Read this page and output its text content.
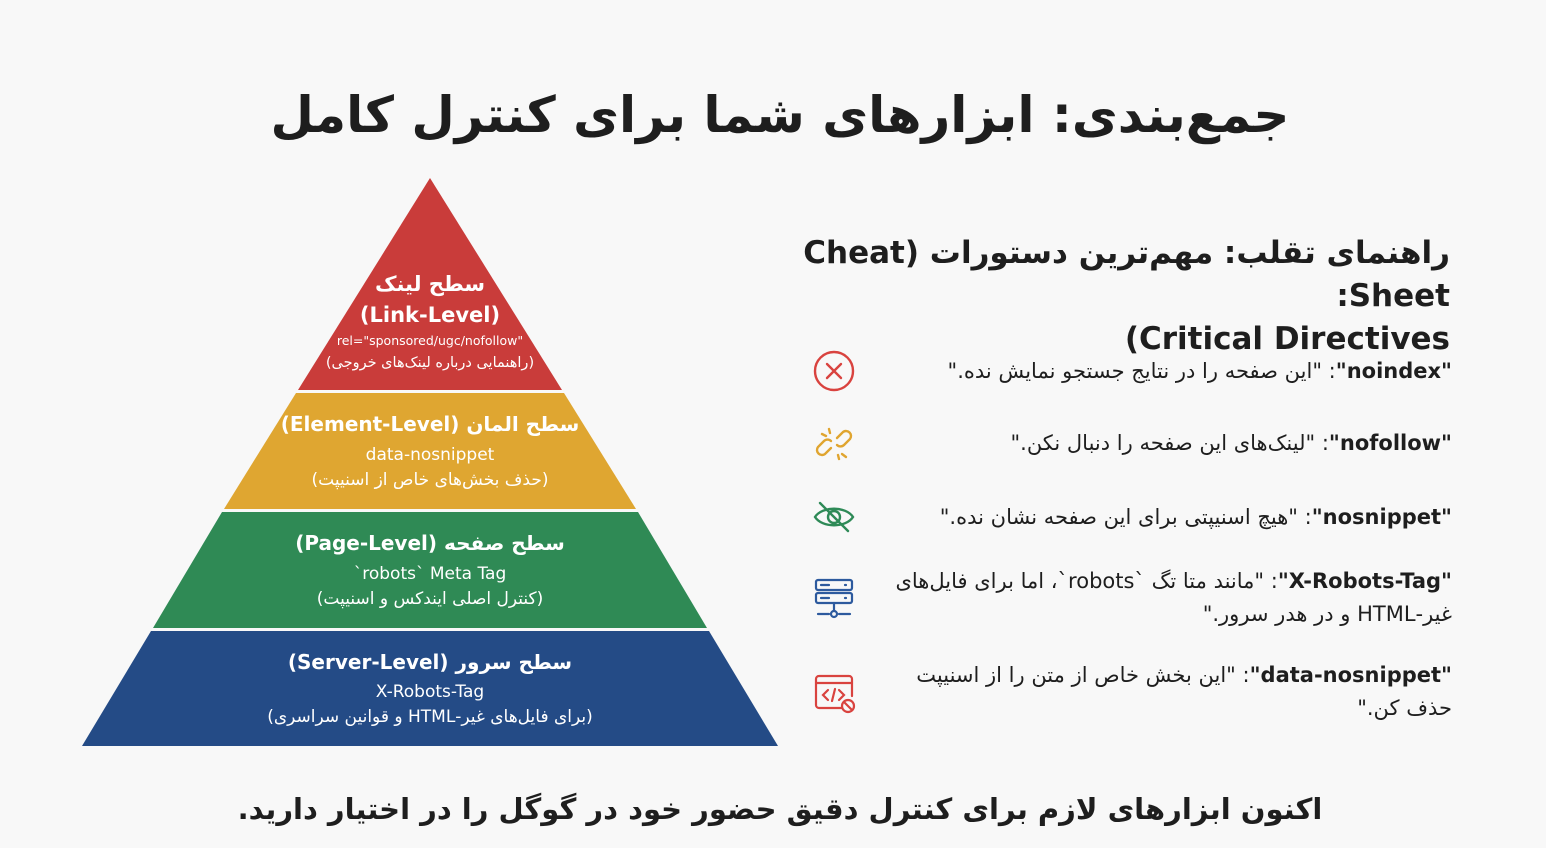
جمع‌بندی: ابزارهای شما برای کنترل کامل
سطح لینک
(Link-Level)
rel="sponsored/ugc/nofollow"
(راهنمایی درباره لینک‌های خروجی)
سطح المان (Element-Level)
data-nosnippet
(حذف بخش‌های خاص از اسنیپت)
سطح صفحه (Page-Level)
`robots` Meta Tag
(کنترل اصلی ایندکس و اسنیپت)
سطح سرور (Server-Level)
X-Robots-Tag
(برای فایل‌های غیر-HTML و قوانین سراسری)
راهنمای تقلب: مهم‌ترین دستورات (Cheat Sheet:
Critical Directives)
"noindex": "این صفحه را در نتایج جستجو نمایش نده."
"nofollow": "لینک‌های این صفحه را دنبال نکن."
"nosnippet": "هیچ اسنیپتی برای این صفحه نشان نده."
"X-Robots-Tag": "مانند متا تگ `robots`، اما برای فایل‌های غیر-HTML و در هدر سرور."
"data-nosnippet": "این بخش خاص از متن را از اسنیپت حذف کن."

اکنون ابزارهای لازم برای کنترل دقیق حضور خود در گوگل را در اختیار دارید.
